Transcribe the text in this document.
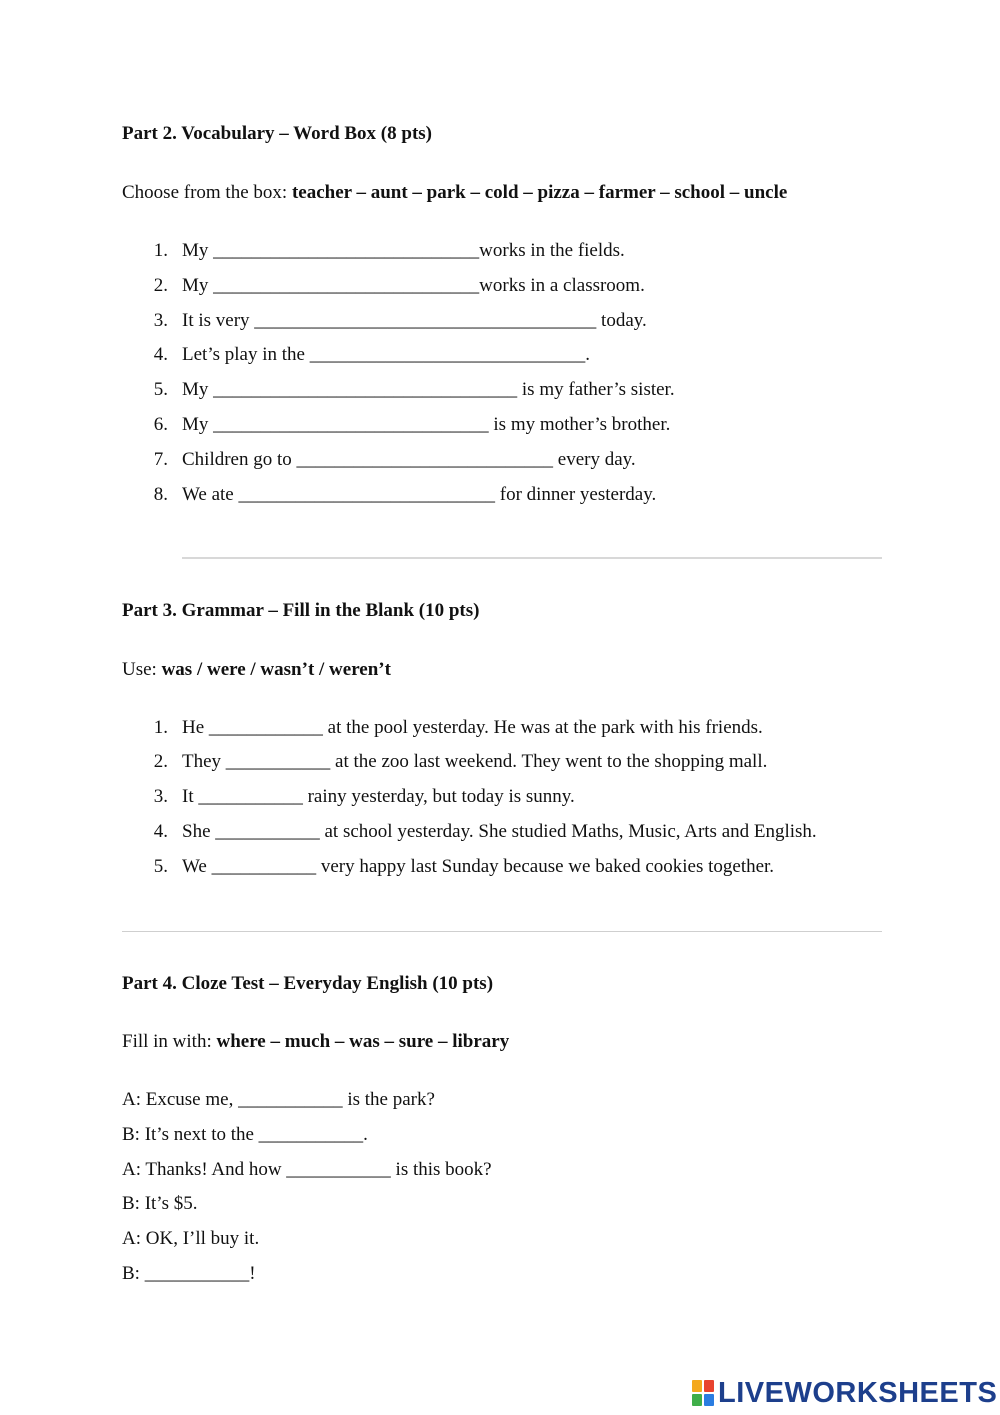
Part 2. Vocabulary – Word Box (8 pts)
Choose from the box: teacher – aunt – park – cold – pizza – farmer – school – uncle
1. My ____________________________works in the fields.
2. My ____________________________works in a classroom.
3. It is very ____________________________________ today.
4. Let’s play in the _____________________________.
5. My ________________________________ is my father’s sister.
6. My _____________________________ is my mother’s brother.
7. Children go to ___________________________ every day.
8. We ate ___________________________ for dinner yesterday.
Part 3. Grammar – Fill in the Blank (10 pts)
Use: was / were / wasn’t / weren’t
1. He ____________ at the pool yesterday. He was at the park with his friends.
2. They ___________ at the zoo last weekend. They went to the shopping mall.
3. It ___________ rainy yesterday, but today is sunny.
4. She ___________ at school yesterday. She studied Maths, Music, Arts and English.
5. We ___________ very happy last Sunday because we baked cookies together.
Part 4. Cloze Test – Everyday English (10 pts)
Fill in with: where – much – was – sure – library
A: Excuse me, ___________ is the park?
B: It’s next to the ___________.
A: Thanks! And how ___________ is this book?
B: It’s $5.
A: OK, I’ll buy it.
B: ___________!
LIVEWORKSHEETS
